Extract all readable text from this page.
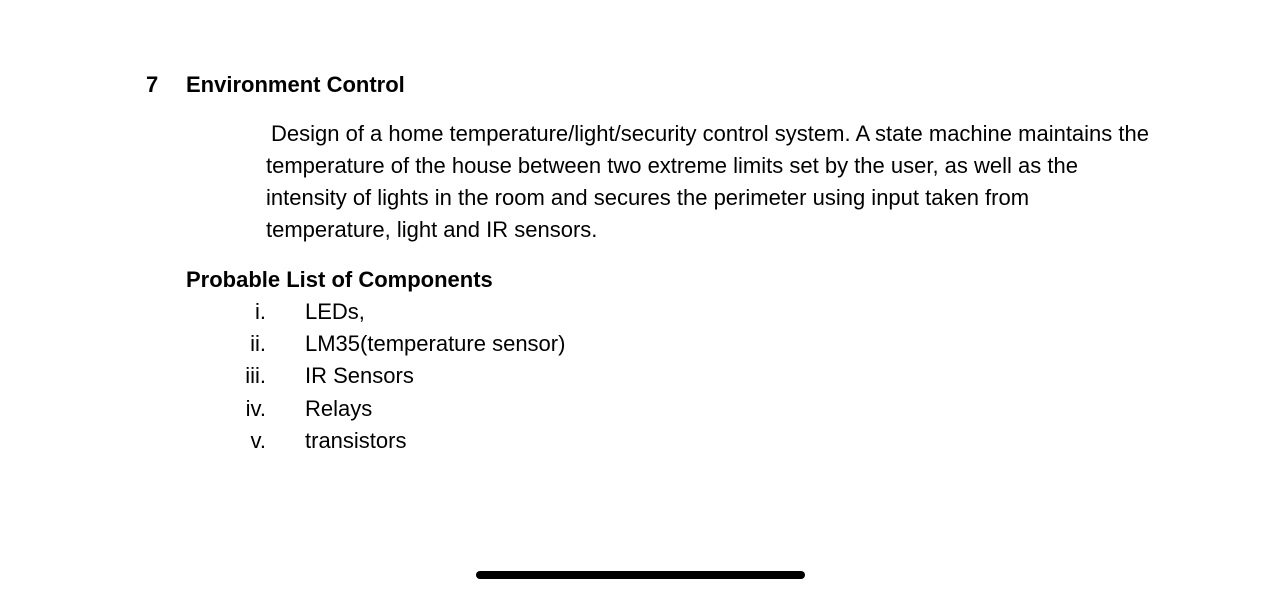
7 Environment Control

Design of a home temperature/light/security control system. A state machine maintains the temperature of the house between two extreme limits set by the user, as well as the intensity of lights in the room and secures the perimeter using input taken from temperature, light and IR sensors.

Probable List of Components
i.	LEDs,
ii.	LM35(temperature sensor)
iii.	IR Sensors
iv.	Relays
v.	transistors
